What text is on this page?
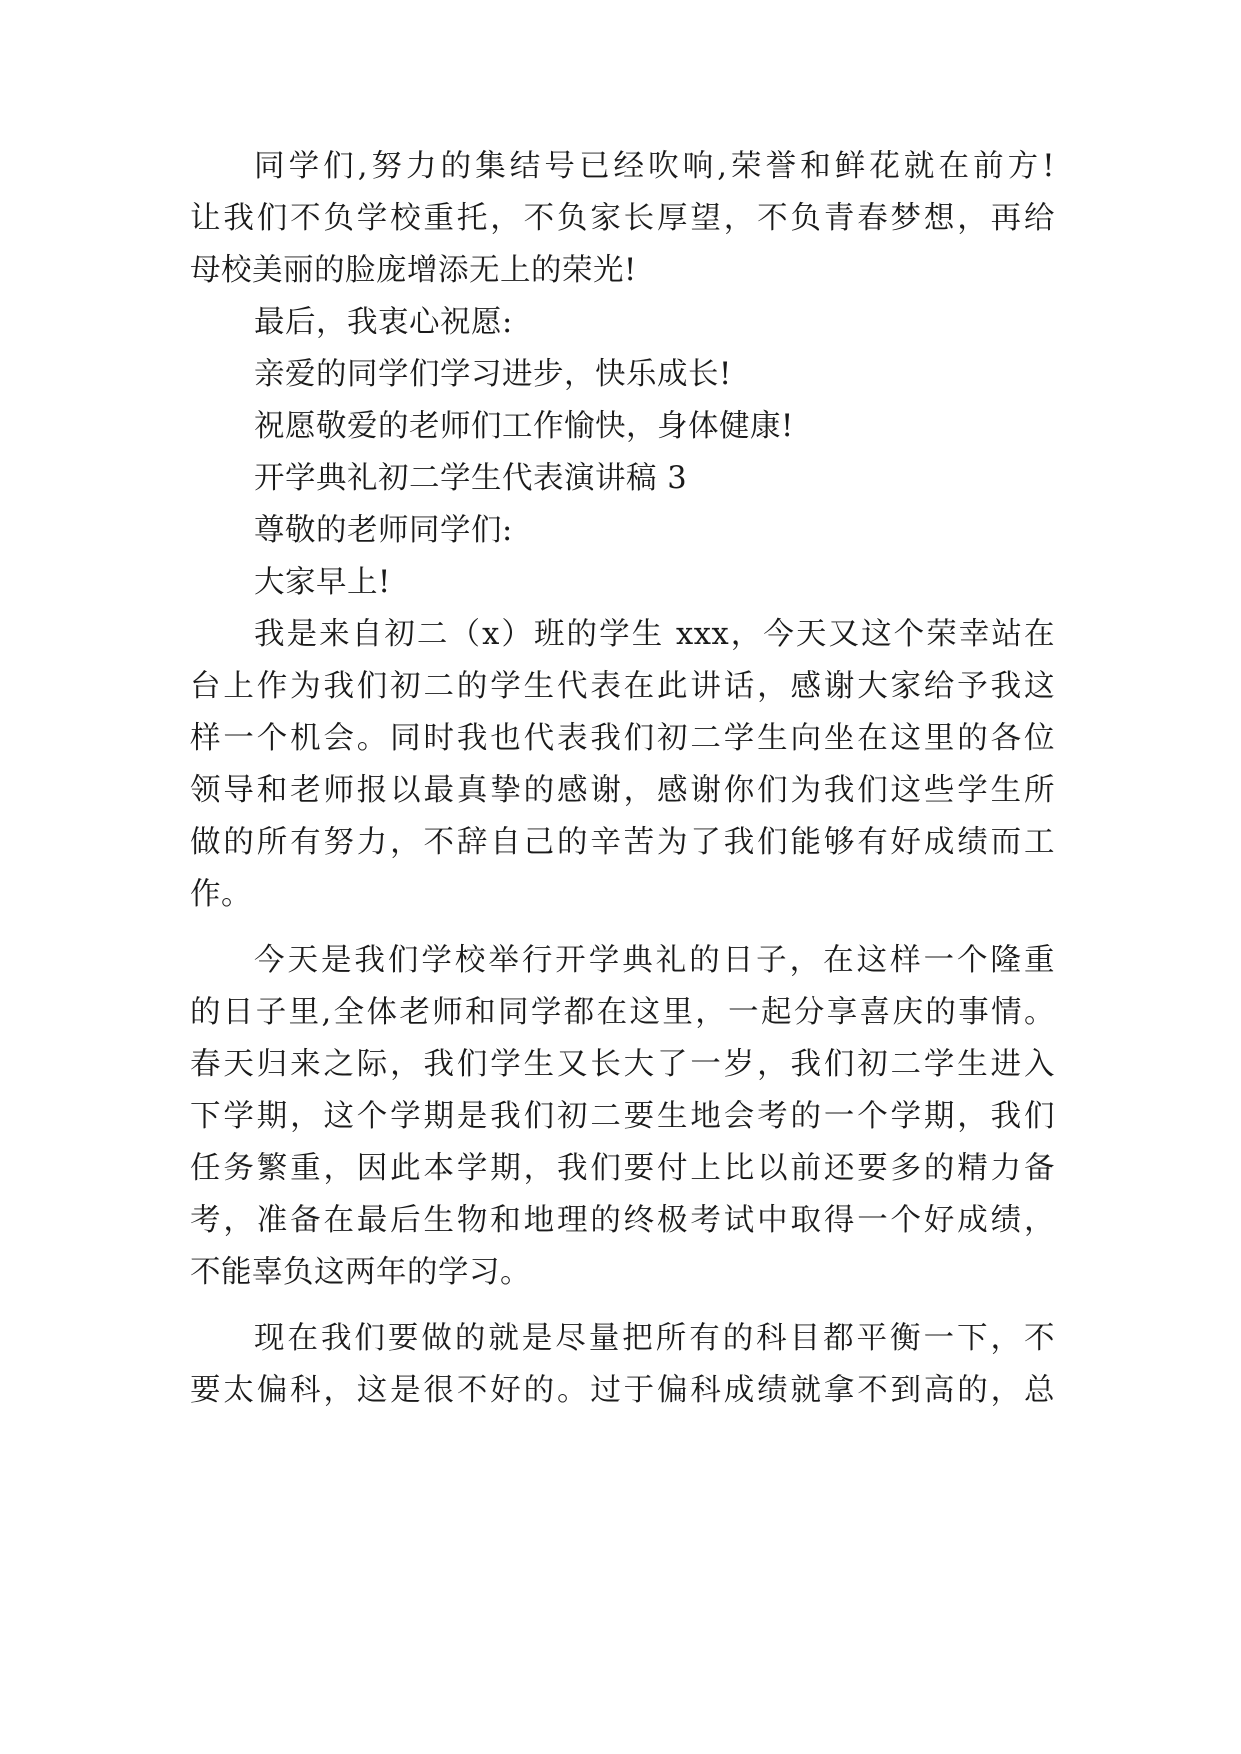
同学们,努力的集结号已经吹响,荣誉和鲜花就在前方!
让我们不负学校重托，不负家长厚望，不负青春梦想，再给
母校美丽的脸庞增添无上的荣光!
最后，我衷心祝愿:
亲爱的同学们学习进步，快乐成长!
祝愿敬爱的老师们工作愉快，身体健康!
开学典礼初二学生代表演讲稿 3
尊敬的老师同学们:
大家早上!
我是来自初二（x）班的学生 xxx，今天又这个荣幸站在
台上作为我们初二的学生代表在此讲话，感谢大家给予我这
样一个机会。同时我也代表我们初二学生向坐在这里的各位
领导和老师报以最真挚的感谢，感谢你们为我们这些学生所
做的所有努力，不辞自己的辛苦为了我们能够有好成绩而工
作。
今天是我们学校举行开学典礼的日子，在这样一个隆重
的日子里,全体老师和同学都在这里，一起分享喜庆的事情。
春天归来之际，我们学生又长大了一岁，我们初二学生进入
下学期，这个学期是我们初二要生地会考的一个学期，我们
任务繁重，因此本学期，我们要付上比以前还要多的精力备
考，准备在最后生物和地理的终极考试中取得一个好成绩，
不能辜负这两年的学习。
现在我们要做的就是尽量把所有的科目都平衡一下，不
要太偏科，这是很不好的。过于偏科成绩就拿不到高的，总
